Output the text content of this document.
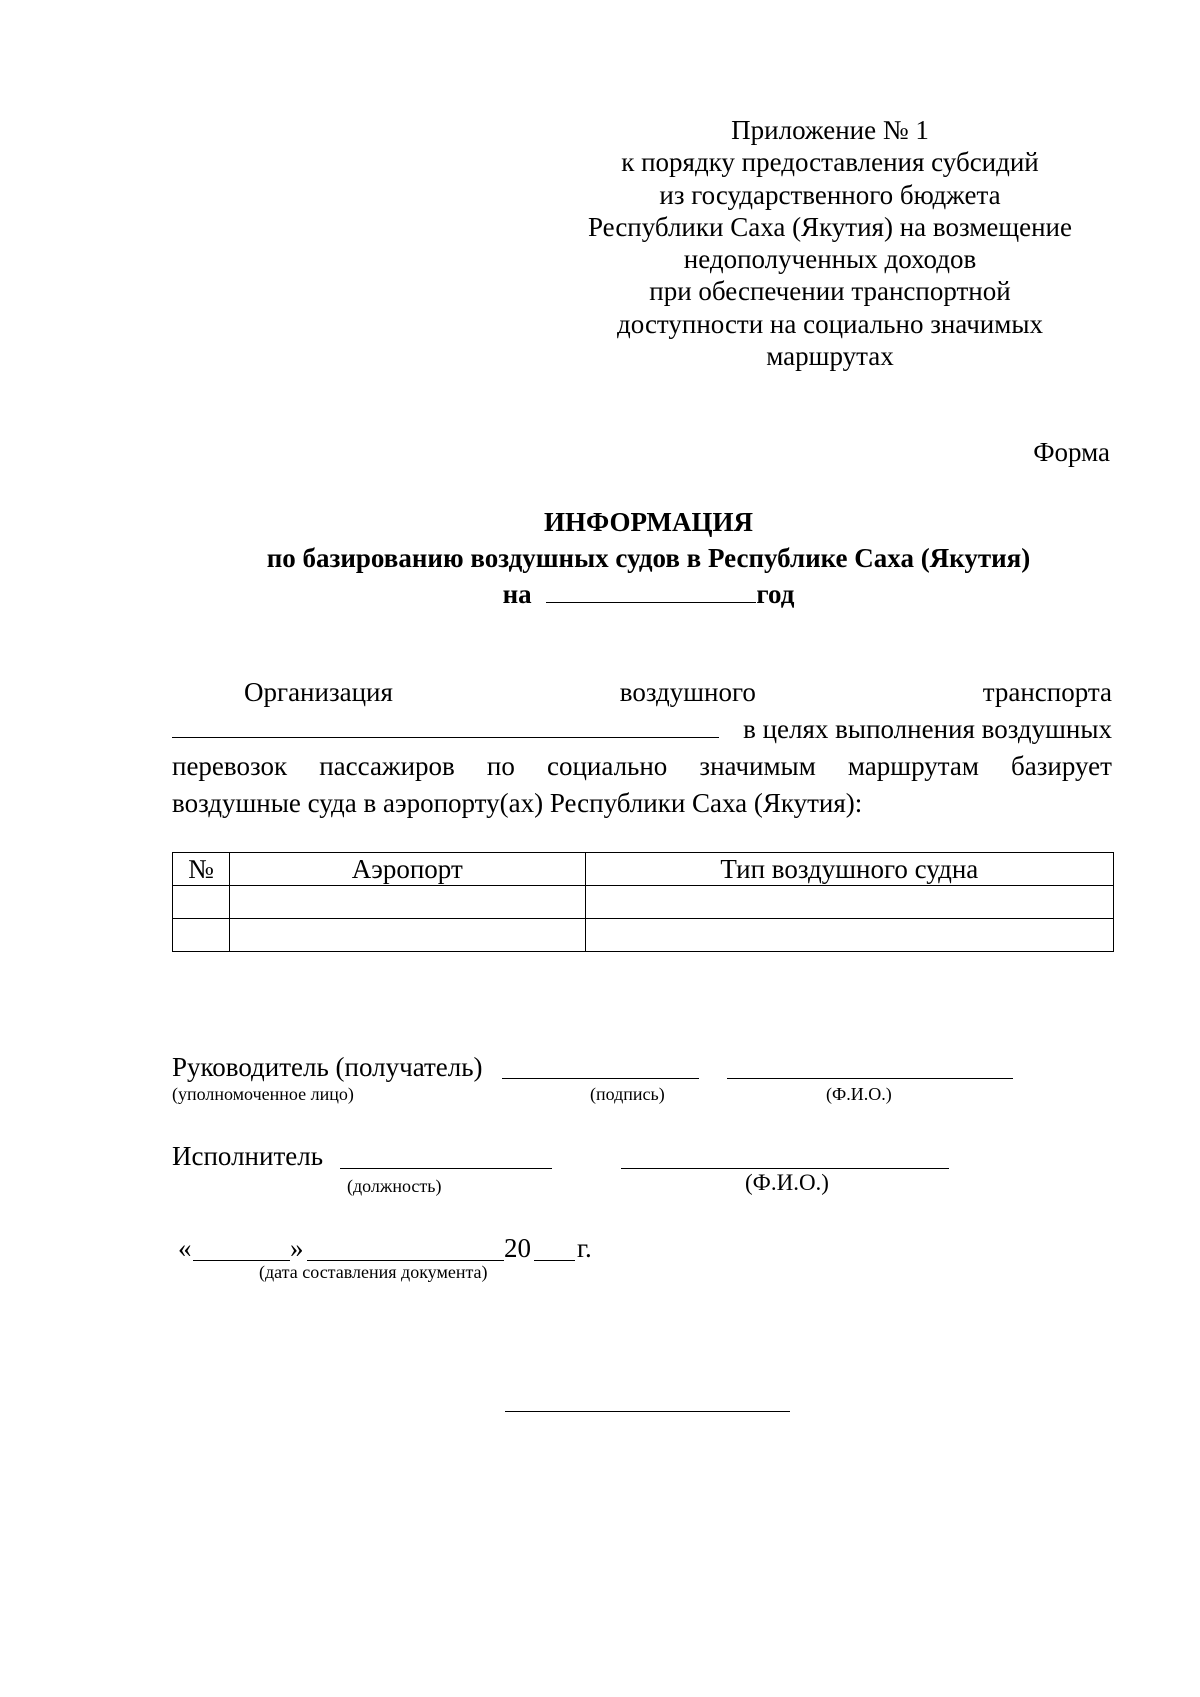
Приложение № 1
к порядку предоставления субсидий
из государственного бюджета
Республики Саха (Якутия) на возмещение
недополученных доходов
при обеспечении транспортной
доступности на социально значимых
маршрутах
Форма
ИНФОРМАЦИЯ
по базированию воздушных судов в Республике Саха (Якутия)
на	год
Организация	воздушного	транспорта
в целях выполнения воздушных
перевозок пассажиров по социально значимым маршрутам базирует
воздушные суда в аэропорту(ах) Республики Саха (Якутия):
№	Аэропорт	Тип воздушного судна

Руководитель (получатель)
(уполномоченное лицо)	(подпись)	(Ф.И.О.)
Исполнитель
(должность)	(Ф.И.О.)
«	»	20 г.
(дата составления документа)
